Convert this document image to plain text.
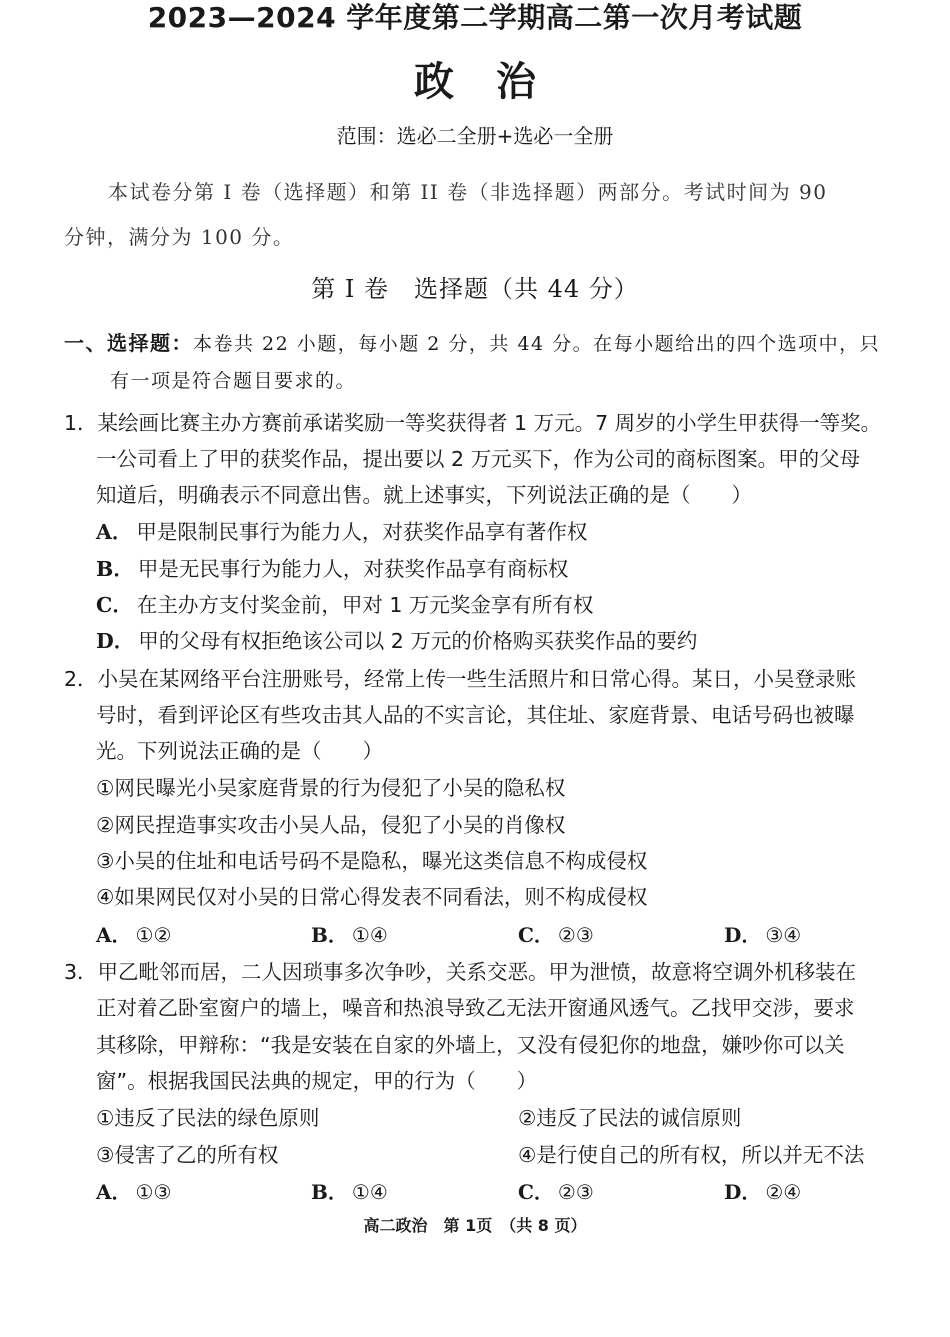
2023—2024 学年度第二学期高二第一次月考试题
政治
范围：选必二全册+选必一全册
本试卷分第 I 卷（选择题）和第 II 卷（非选择题）两部分。考试时间为 90
分钟，满分为 100 分。
第 I 卷　选择题（共 44 分）
一、选择题：本卷共 22 小题，每小题 2 分，共 44 分。在每小题给出的四个选项中，只
有一项是符合题目要求的。
1．某绘画比赛主办方赛前承诺奖励一等奖获得者 1 万元。7 周岁的小学生甲获得一等奖。
一公司看上了甲的获奖作品，提出要以 2 万元买下，作为公司的商标图案。甲的父母
知道后，明确表示不同意出售。就上述事实，下列说法正确的是（　　）
A． 甲是限制民事行为能力人，对获奖作品享有著作权
B． 甲是无民事行为能力人，对获奖作品享有商标权
C． 在主办方支付奖金前，甲对 1 万元奖金享有所有权
D． 甲的父母有权拒绝该公司以 2 万元的价格购买获奖作品的要约
2．小吴在某网络平台注册账号，经常上传一些生活照片和日常心得。某日，小吴登录账
号时，看到评论区有些攻击其人品的不实言论，其住址、家庭背景、电话号码也被曝
光。下列说法正确的是（　　）
①网民曝光小吴家庭背景的行为侵犯了小吴的隐私权
②网民捏造事实攻击小吴人品，侵犯了小吴的肖像权
③小吴的住址和电话号码不是隐私，曝光这类信息不构成侵权
④如果网民仅对小吴的日常心得发表不同看法，则不构成侵权
A． ①②	B． ①④	C． ②③	D． ③④
3．甲乙毗邻而居，二人因琐事多次争吵，关系交恶。甲为泄愤，故意将空调外机移装在
正对着乙卧室窗户的墙上，噪音和热浪导致乙无法开窗通风透气。乙找甲交涉，要求
其移除，甲辩称：“我是安装在自家的外墙上，又没有侵犯你的地盘，嫌吵你可以关
窗”。根据我国民法典的规定，甲的行为（　　）
①违反了民法的绿色原则	②违反了民法的诚信原则
③侵害了乙的所有权	④是行使自己的所有权，所以并无不法
A． ①③	B． ①④	C． ②③	D． ②④
高二政治　第 1页　（共 8 页）
